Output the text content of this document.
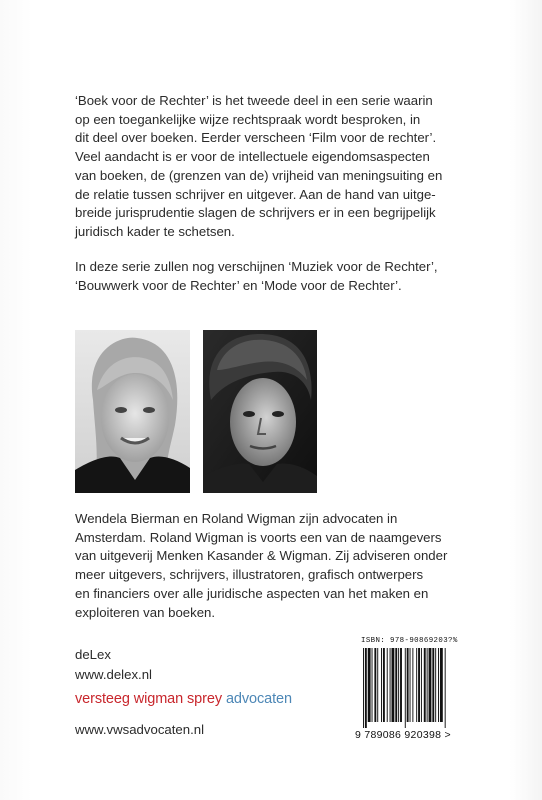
‘Boek voor de Rechter’ is het tweede deel in een serie waarin
op een toegankelijke wijze rechtspraak wordt besproken, in
dit deel over boeken. Eerder verscheen ‘Film voor de rechter’.
Veel aandacht is er voor de intellectuele eigendomsaspecten
van boeken, de (grenzen van de) vrijheid van meningsuiting en
de relatie tussen schrijver en uitgever. Aan de hand van uitge-
breide jurisprudentie slagen de schrijvers er in een begrijpelijk
juridisch kader te schetsen.

In deze serie zullen nog verschijnen ‘Muziek voor de Rechter’,
‘Bouwwerk voor de Rechter’ en ‘Mode voor de Rechter’.

Wendela Bierman en Roland Wigman zijn advocaten in
Amsterdam. Roland Wigman is voorts een van de naamgevers
van uitgeverij Menken Kasander & Wigman. Zij adviseren onder
meer uitgevers, schrijvers, illustratoren, grafisch ontwerpers
en financiers over alle juridische aspecten van het maken en
exploiteren van boeken.

deLex
www.delex.nl
versteeg wigman sprey advocaten
www.vwsadvocaten.nl
ISBN: 978-90869203?%
9 789086 920398 >
